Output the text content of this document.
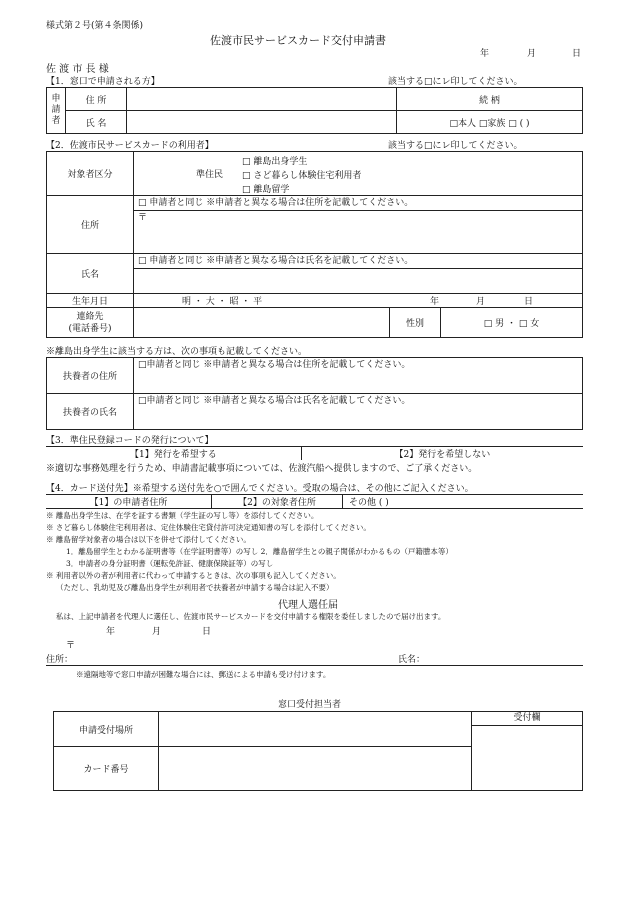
様式第２号(第４条関係)
佐渡市民サービスカード交付申請書
年	月	日
佐 渡 市 長 様
【1．窓口で申請される方】	該当する□にレ印してください。
申請者	住 所		続 柄
	氏 名		□本人 □家族 □ ( )
【2．佐渡市民サービスカードの利用者】	該当する□にレ印してください。
対象者区分	準住民
□ 離島出身学生
□ さど暮らし体験住宅利用者
□ 離島留学		

住所	□ 申請者と同じ ※申請者と異なる場合は住所を記載してください。
〒		

氏名	□ 申請者と同じ ※申請者と異なる場合は氏名を記載してください。		

生年月日	明 ・ 大 ・ 昭 ・ 平 年 月 日		

連絡先
(電話番号)		性別	□ 男 ・ □ 女
※離島出身学生に該当する方は、次の事項も記載してください。
扶養者の住所	□申請者と同じ ※申請者と異なる場合は住所を記載してください。
扶養者の氏名	□申請者と同じ ※申請者と異なる場合は氏名を記載してください。
【3．準住民登録コードの発行について】
【1】発行を希望する	【2】発行を希望しない
※適切な事務処理を行うため、申請書記載事項については、佐渡汽船へ提供しますので、ご了承ください。
【4．カード送付先】※希望する送付先を○で囲んでください。受取の場合は、その他にご記入ください。
【1】の申請者住所	【2】の対象者住所	その他 ( )
※ 離島出身学生は、在学を証する書類（学生証の写し等）を添付してください。
※ さど暮らし体験住宅利用者は、定住体験住宅貸付許可決定通知書の写しを添付してください。
※ 離島留学対象者の場合は以下を併せて添付してください。
1．離島留学生とわかる証明書等（在学証明書等）の写し 2．離島留学生との親子関係がわかるもの（戸籍謄本等）
3．申請者の身分証明書（運転免許証、健康保険証等）の写し
※ 利用者以外の者が利用者に代わって申請するときは、次の事項も記入してください。
（ただし、乳幼児及び離島出身学生が利用者で扶養者が申請する場合は記入不要）
代理人選任届
私は、上記申請者を代理人に選任し、佐渡市民サービスカードを交付申請する権限を委任しましたので届け出ます。
年	月	日
〒
住所：	氏名：
※遠隔地等で窓口申請が困難な場合には、郵送による申請も受け付けます。
窓口受付担当者
申請受付場所		受付欄

カード番号		
